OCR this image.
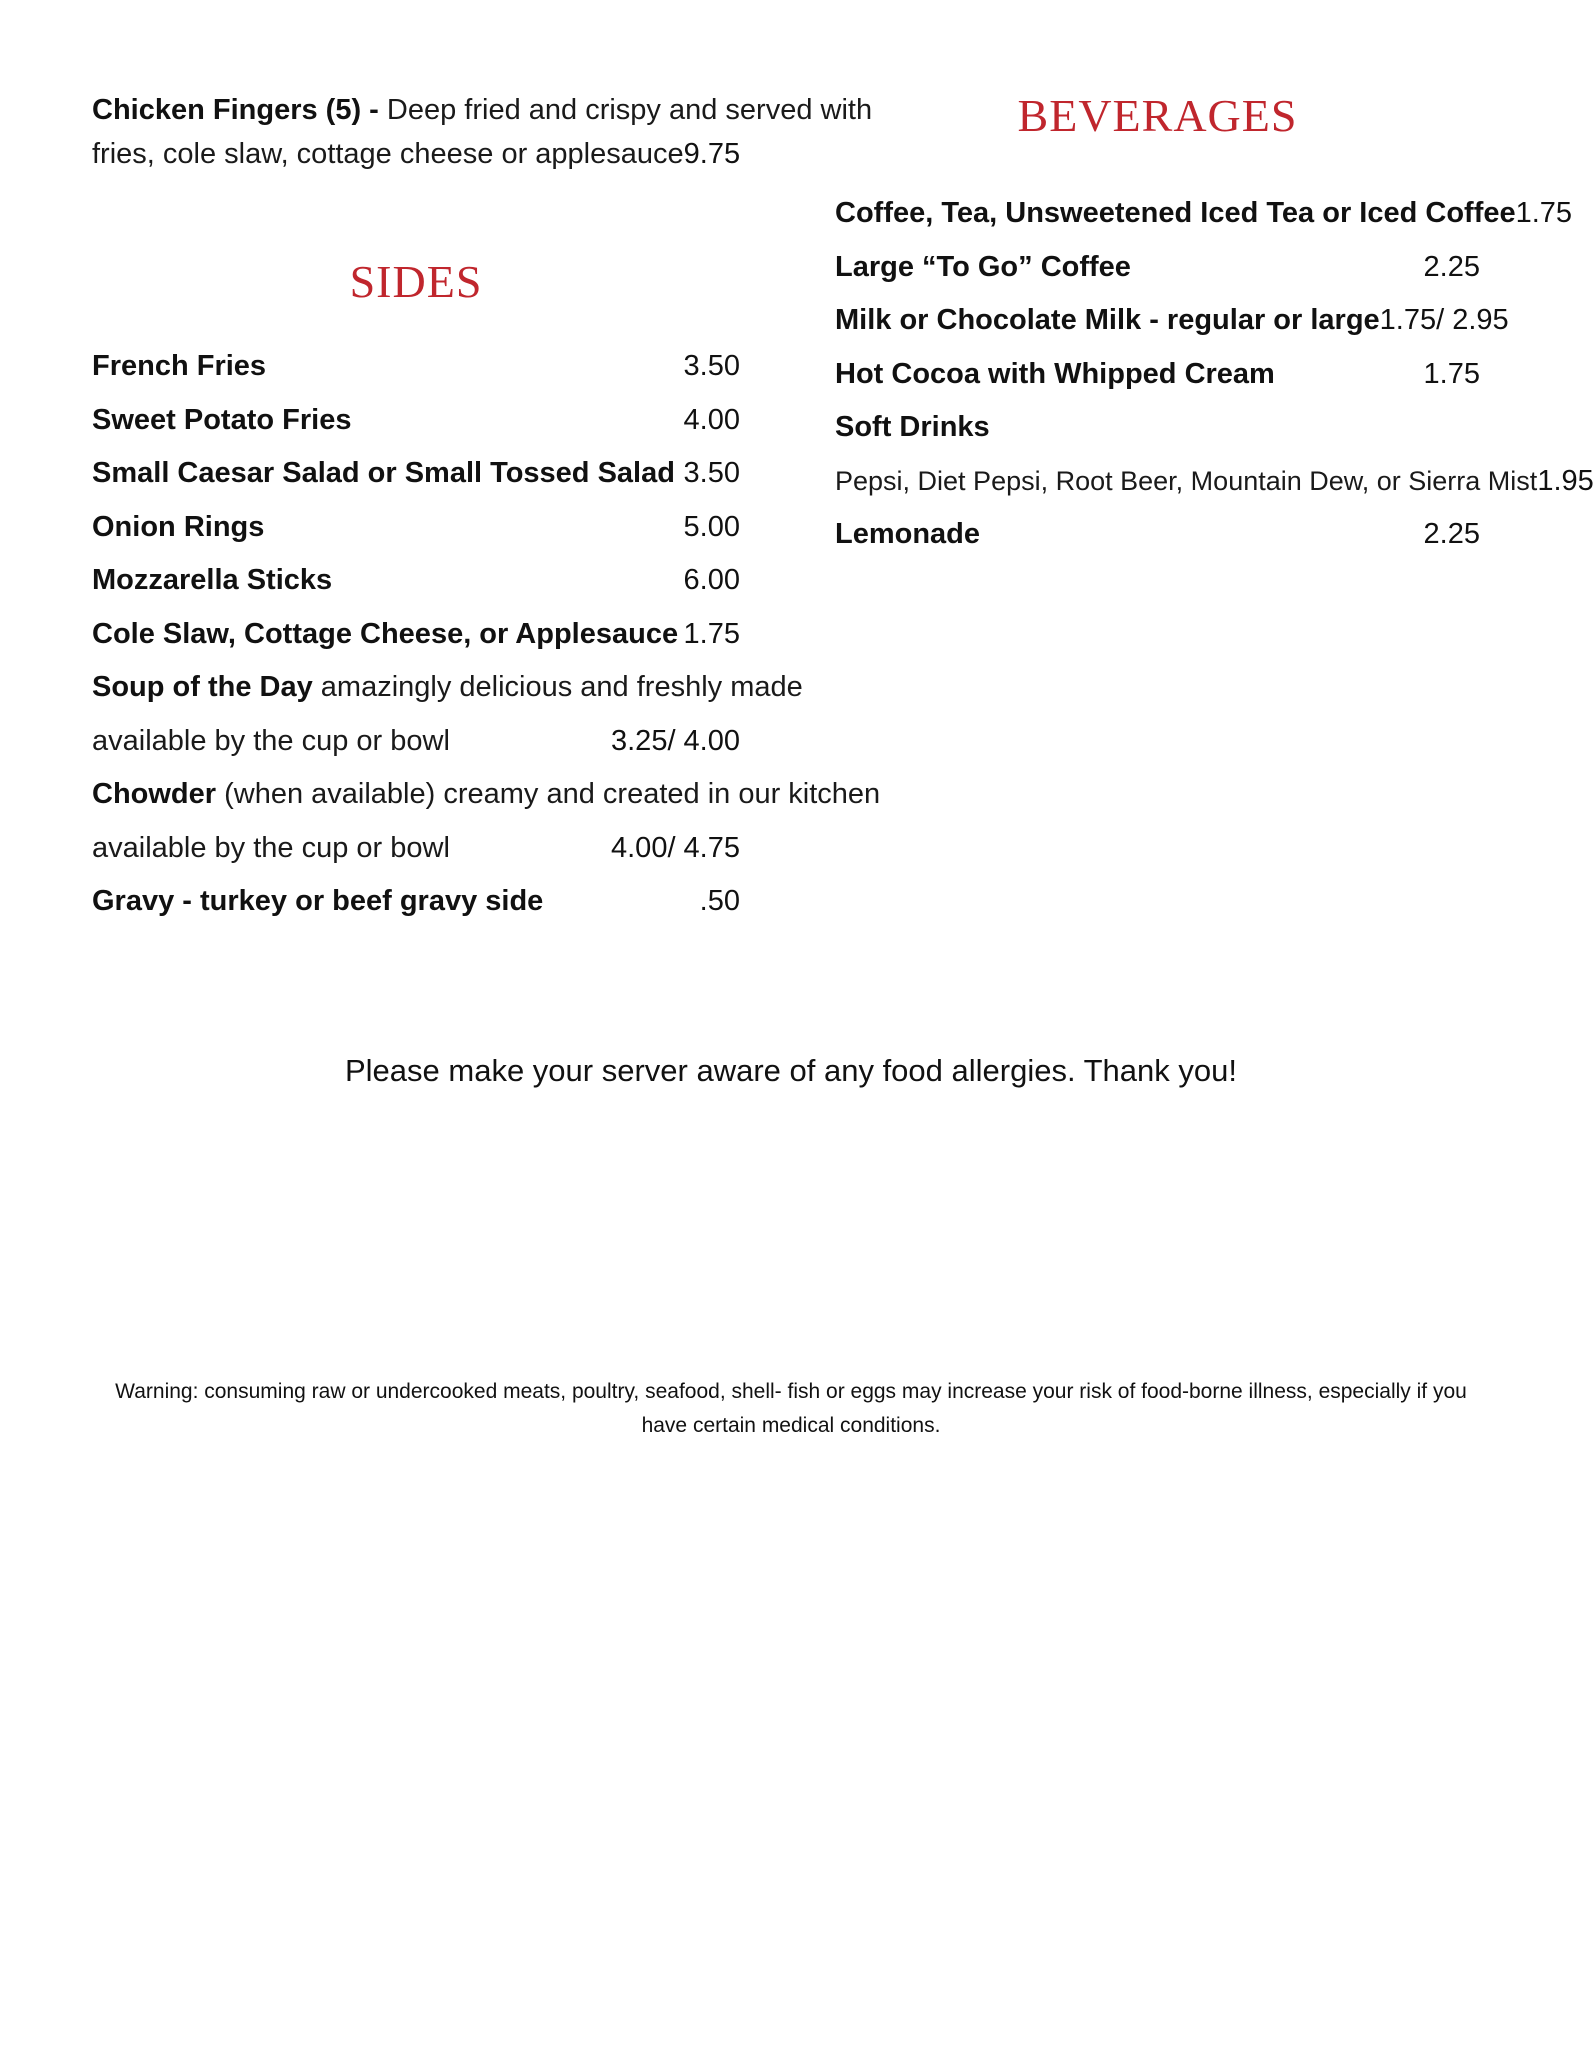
Chicken Fingers (5) - Deep fried and crispy and served with
fries, cole slaw, cottage cheese or applesauce 9.75
SIDES
French Fries	3.50
Sweet Potato Fries	4.00
Small Caesar Salad or Small Tossed Salad 3.50
Onion Rings	5.00
Mozzarella Sticks	6.00
Cole Slaw, Cottage Cheese, or Applesauce 1.75
Soup of the Day amazingly delicious and freshly made
available by the cup or bowl	3.25/ 4.00
Chowder (when available) creamy and created in our kitchen
available by the cup or bowl	4.00/ 4.75
Gravy - turkey or beef gravy side	.50
BEVERAGES
Coffee, Tea, Unsweetened Iced Tea or Iced Coffee 1.75
Large “To Go” Coffee	2.25
Milk or Chocolate Milk - regular or large 1.75/ 2.95
Hot Cocoa with Whipped Cream	1.75
Soft Drinks
Pepsi, Diet Pepsi, Root Beer, Mountain Dew, or Sierra Mist 1.95
Lemonade	2.25
Please make your server aware of any food allergies. Thank you!
Warning: consuming raw or undercooked meats, poultry, seafood, shell- fish or eggs may increase your risk of food-borne illness, especially if you have certain medical conditions.
